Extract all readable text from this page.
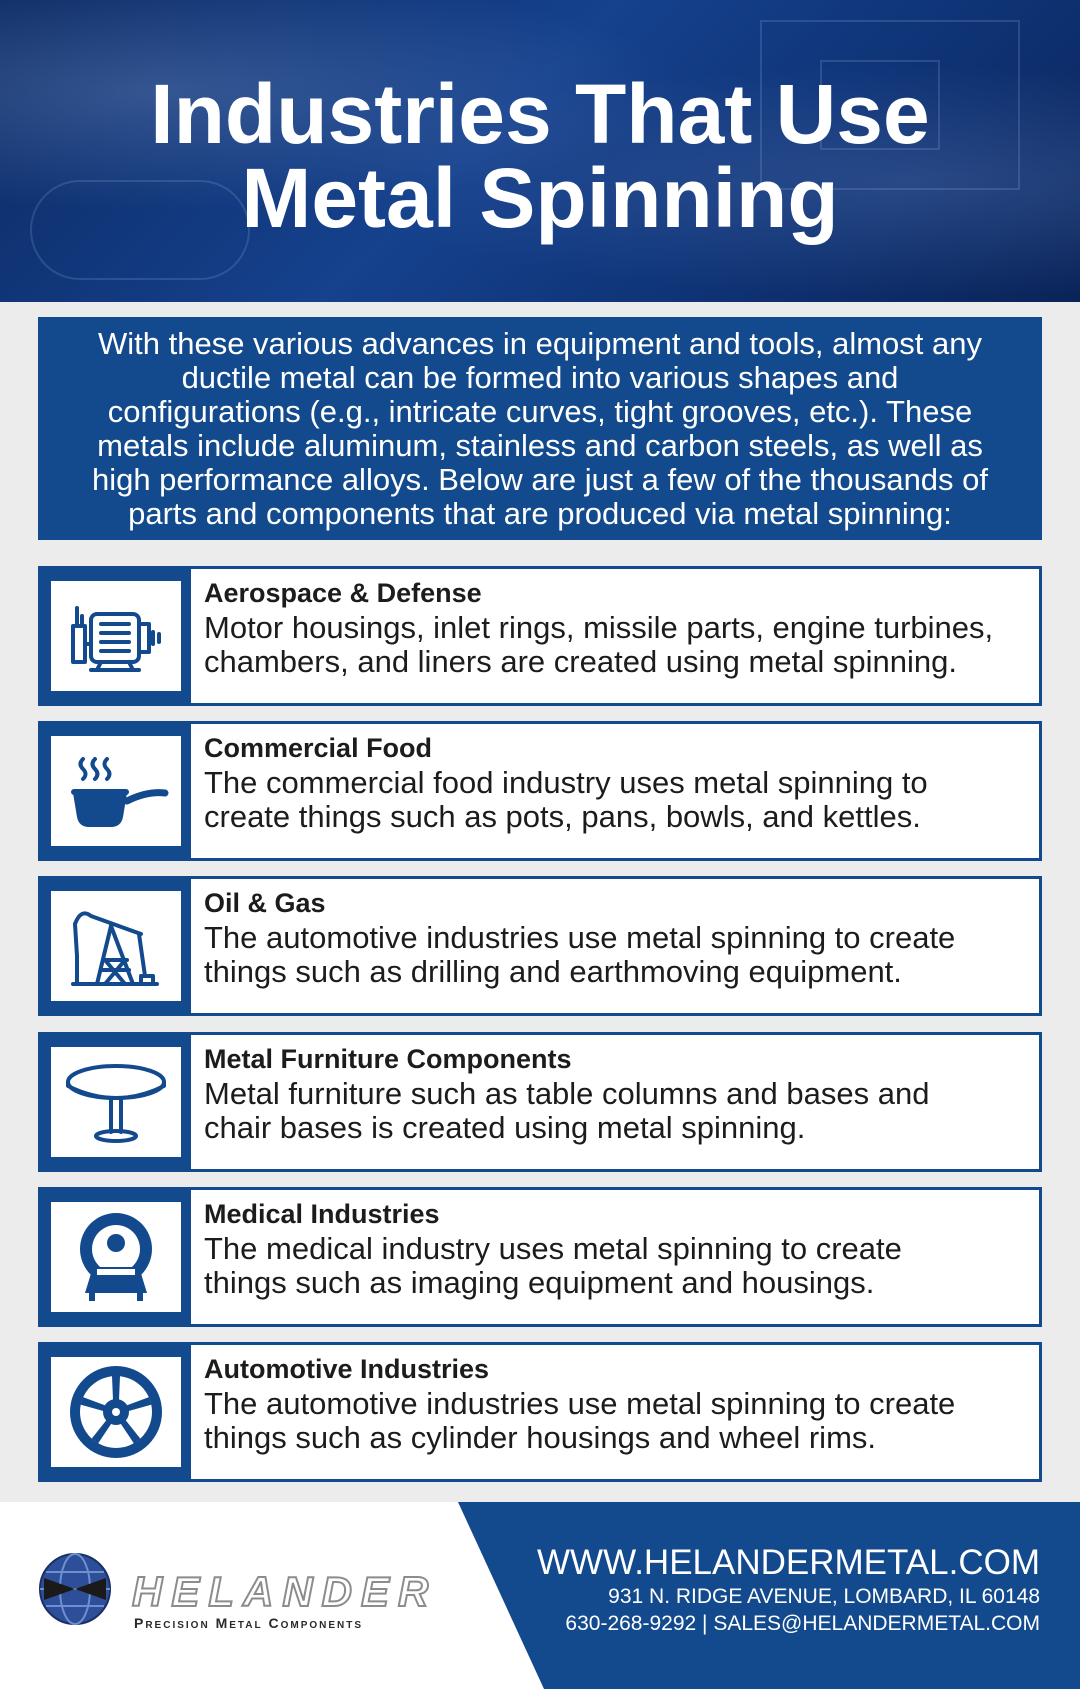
Industries That Use
Metal Spinning
With these various advances in equipment and tools, almost any
ductile metal can be formed into various shapes and
configurations (e.g., intricate curves, tight grooves, etc.). These
metals include aluminum, stainless and carbon steels, as well as
high performance alloys. Below are just a few of the thousands of
parts and components that are produced via metal spinning:
Aerospace & Defense
Motor housings, inlet rings, missile parts, engine turbines,
chambers, and liners are created using metal spinning.
Commercial Food
The commercial food industry uses metal spinning to
create things such as pots, pans, bowls, and kettles.
Oil & Gas
The automotive industries use metal spinning to create
things such as drilling and earthmoving equipment.
Metal Furniture Components
Metal furniture such as table columns and bases and
chair bases is created using metal spinning.
Medical Industries
The medical industry uses metal spinning to create
things such as imaging equipment and housings.
Automotive Industries
The automotive industries use metal spinning to create
things such as cylinder housings and wheel rims.
HELANDER
Precision Metal Components
WWW.HELANDERMETAL.COM
931 N. RIDGE AVENUE, LOMBARD, IL 60148
630-268-9292 | SALES@HELANDERMETAL.COM
